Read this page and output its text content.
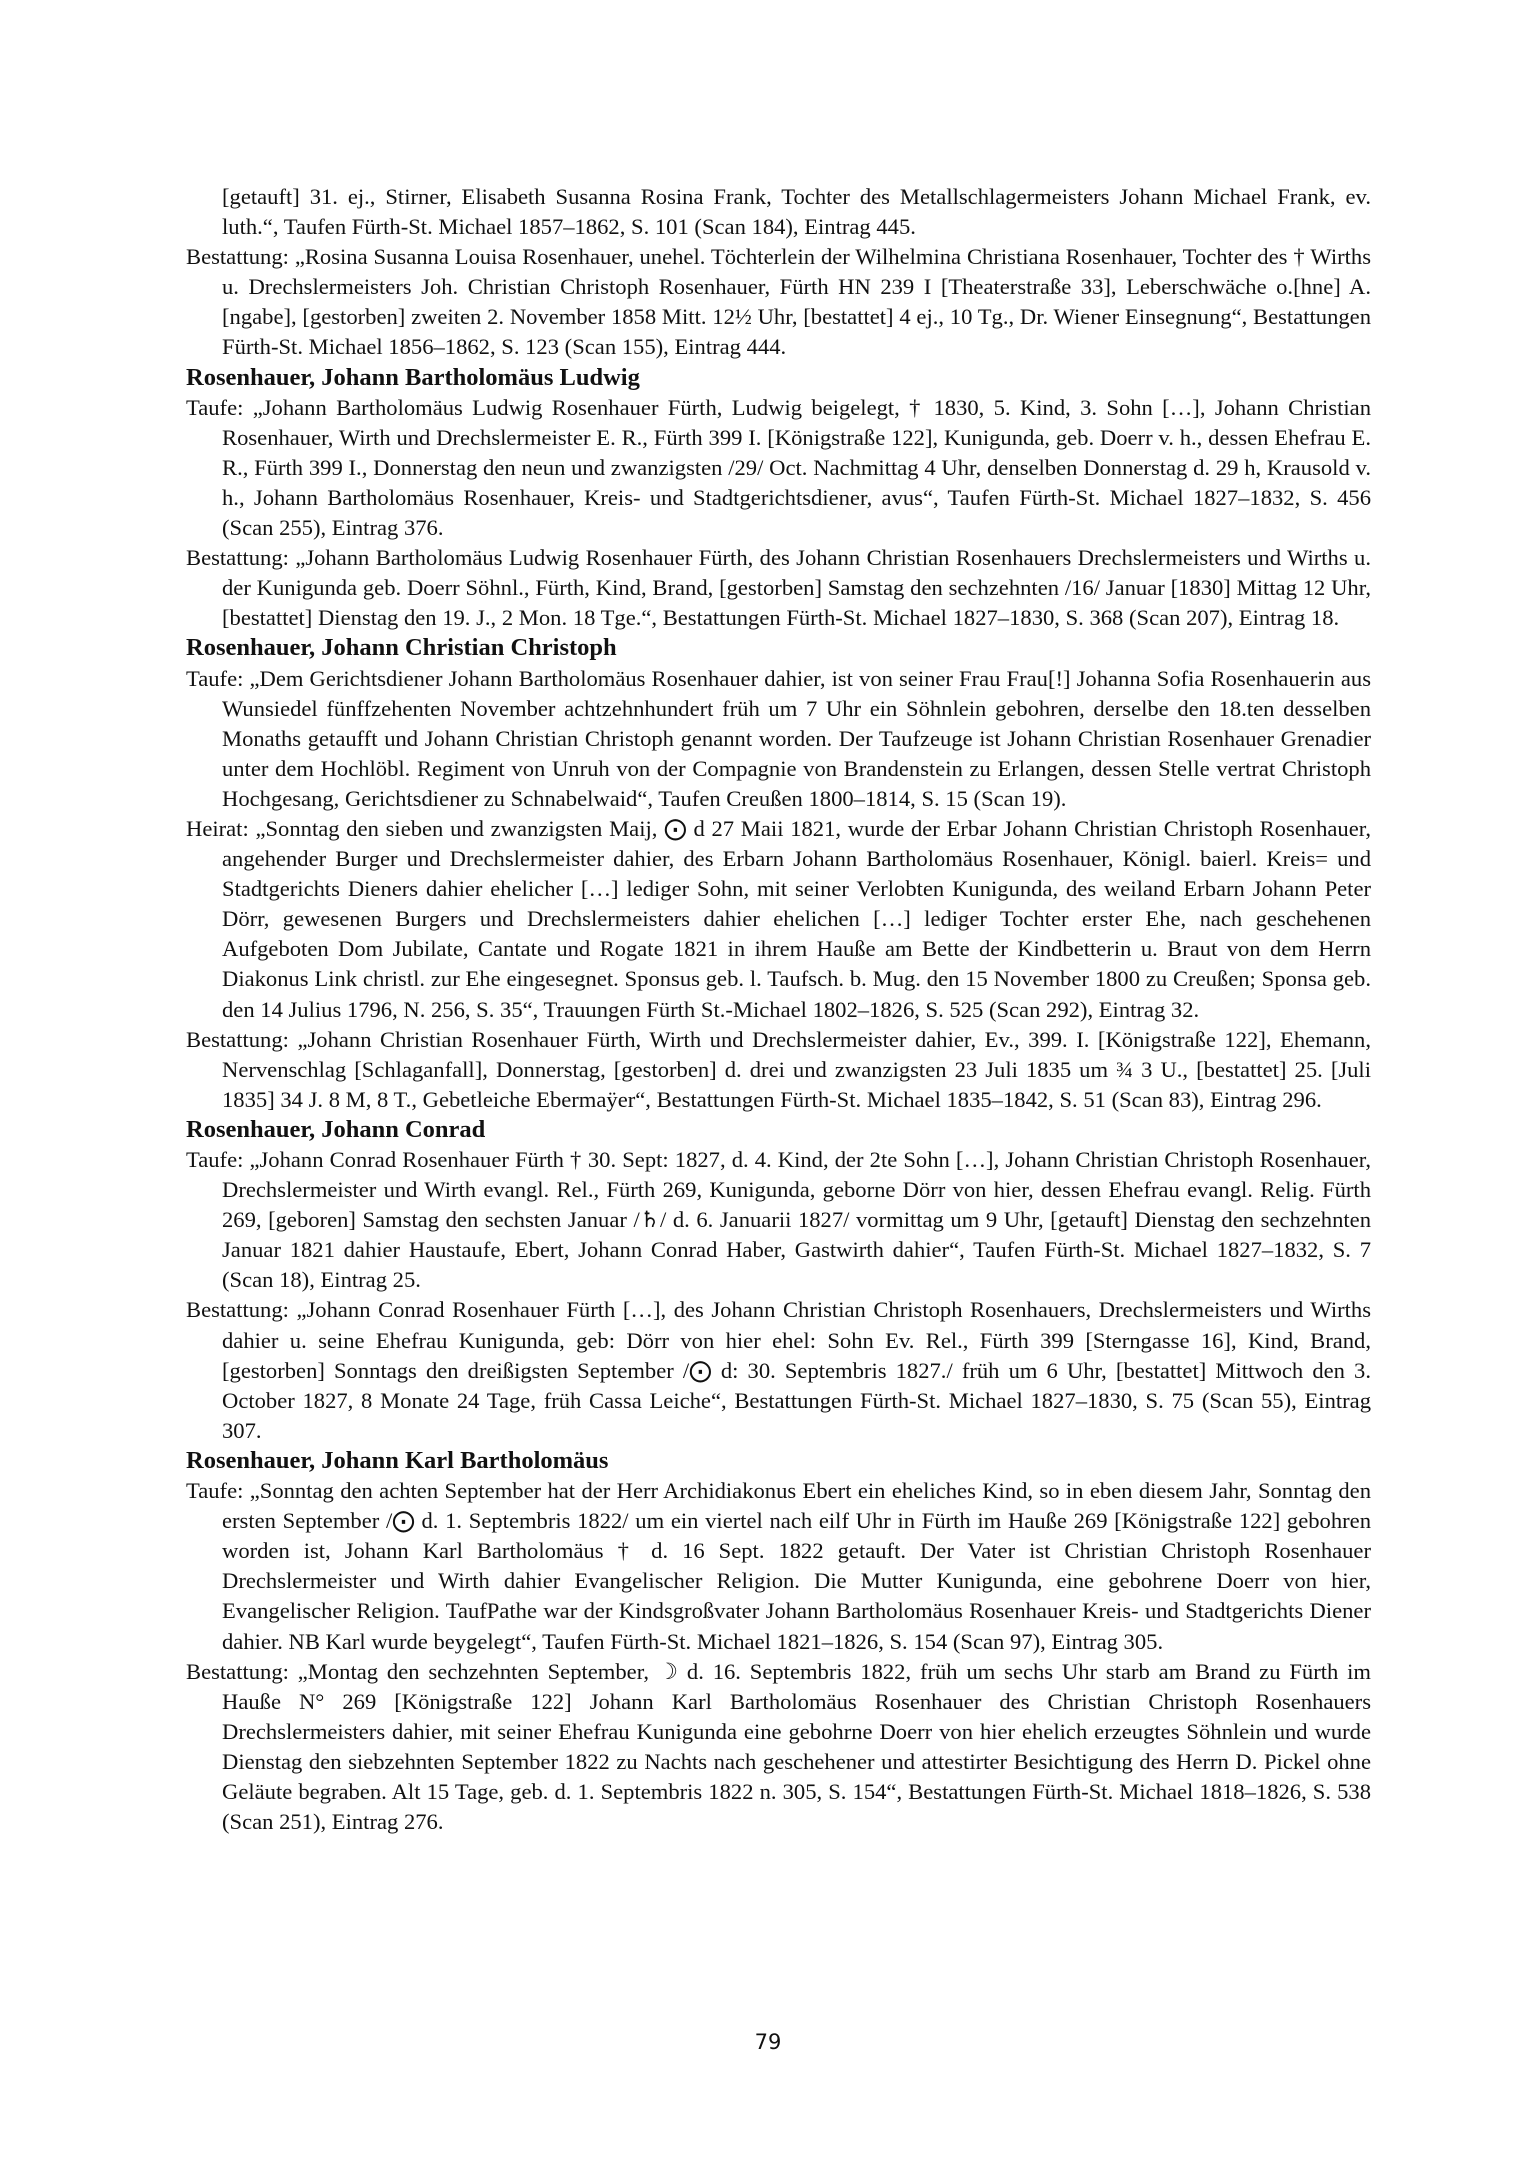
[getauft] 31. ej., Stirner, Elisabeth Susanna Rosina Frank, Tochter des Metallschlagermeisters Johann Michael Frank, ev. luth.“, Taufen Fürth-St. Michael 1857–1862, S. 101 (Scan 184), Eintrag 445.

Bestattung: „Rosina Susanna Louisa Rosenhauer, unehel. Töchterlein der Wilhelmina Christiana Rosenhauer, Tochter des † Wirths u. Drechslermeisters Joh. Christian Christoph Rosenhauer, Fürth HN 239 I [Theaterstraße 33], Leberschwäche o.[hne] A.[ngabe], [gestorben] zweiten 2. November 1858 Mitt. 12½ Uhr, [bestattet] 4 ej., 10 Tg., Dr. Wiener Einsegnung“, Bestattungen Fürth-St. Michael 1856–1862, S. 123 (Scan 155), Eintrag 444.

Rosenhauer, Johann Bartholomäus Ludwig

Taufe: „Johann Bartholomäus Ludwig Rosenhauer Fürth, Ludwig beigelegt, † 1830, 5. Kind, 3. Sohn […], Johann Christian Rosenhauer, Wirth und Drechslermeister E. R., Fürth 399 I. [Königstraße 122], Kunigunda, geb. Doerr v. h., dessen Ehefrau E. R., Fürth 399 I., Donnerstag den neun und zwanzigsten /29/ Oct. Nachmittag 4 Uhr, denselben Donnerstag d. 29 h, Krausold v. h., Johann Bartholomäus Rosenhauer, Kreis- und Stadtgerichtsdiener, avus“, Taufen Fürth-St. Michael 1827–1832, S. 456 (Scan 255), Eintrag 376.

Bestattung: „Johann Bartholomäus Ludwig Rosenhauer Fürth, des Johann Christian Rosenhauers Drechslermeisters und Wirths u. der Kunigunda geb. Doerr Söhnl., Fürth, Kind, Brand, [gestorben] Samstag den sechzehnten /16/ Januar [1830] Mittag 12 Uhr, [bestattet] Dienstag den 19. J., 2 Mon. 18 Tge.“, Bestattungen Fürth-St. Michael 1827–1830, S. 368 (Scan 207), Eintrag 18.

Rosenhauer, Johann Christian Christoph

Taufe: „Dem Gerichtsdiener Johann Bartholomäus Rosenhauer dahier, ist von seiner Frau Frau[!] Johanna Sofia Rosenhauerin aus Wunsiedel fünffzehenten November achtzehnhundert früh um 7 Uhr ein Söhnlein gebohren, derselbe den 18.ten desselben Monaths getaufft und Johann Christian Christoph genannt worden. Der Taufzeuge ist Johann Christian Rosenhauer Grenadier unter dem Hochlöbl. Regiment von Unruh von der Compagnie von Brandenstein zu Erlangen, dessen Stelle vertrat Christoph Hochgesang, Gerichtsdiener zu Schnabelwaid“, Taufen Creußen 1800–1814, S. 15 (Scan 19).

Heirat: „Sonntag den sieben und zwanzigsten Maij, ⨀ d 27 Maii 1821, wurde der Erbar Johann Christian Christoph Rosenhauer, angehender Burger und Drechslermeister dahier, des Erbarn Johann Bartholomäus Rosenhauer, Königl. baierl. Kreis= und Stadtgerichts Dieners dahier ehelicher […] lediger Sohn, mit seiner Verlobten Kunigunda, des weiland Erbarn Johann Peter Dörr, gewesenen Burgers und Drechslermeisters dahier ehelichen […] lediger Tochter erster Ehe, nach geschehenen Aufgeboten Dom Jubilate, Cantate und Rogate 1821 in ihrem Hauße am Bette der Kindbetterin u. Braut von dem Herrn Diakonus Link christl. zur Ehe eingesegnet. Sponsus geb. l. Taufsch. b. Mug. den 15 November 1800 zu Creußen; Sponsa geb. den 14 Julius 1796, N. 256, S. 35“, Trauungen Fürth St.-Michael 1802–1826, S. 525 (Scan 292), Eintrag 32.

Bestattung: „Johann Christian Rosenhauer Fürth, Wirth und Drechslermeister dahier, Ev., 399. I. [Königstraße 122], Ehemann, Nervenschlag [Schlaganfall], Donnerstag, [gestorben] d. drei und zwanzigsten 23 Juli 1835 um ¾ 3 U., [bestattet] 25. [Juli 1835] 34 J. 8 M, 8 T., Gebetleiche Ebermaÿer“, Bestattungen Fürth-St. Michael 1835–1842, S. 51 (Scan 83), Eintrag 296.

Rosenhauer, Johann Conrad

Taufe: „Johann Conrad Rosenhauer Fürth † 30. Sept: 1827, d. 4. Kind, der 2te Sohn […], Johann Christian Christoph Rosenhauer, Drechslermeister und Wirth evangl. Rel., Fürth 269, Kunigunda, geborne Dörr von hier, dessen Ehefrau evangl. Relig. Fürth 269, [geboren] Samstag den sechsten Januar /♄/ d. 6. Januarii 1827/ vormittag um 9 Uhr, [getauft] Dienstag den sechzehnten Januar 1821 dahier Haustaufe, Ebert, Johann Conrad Haber, Gastwirth dahier“, Taufen Fürth-St. Michael 1827–1832, S. 7 (Scan 18), Eintrag 25.

Bestattung: „Johann Conrad Rosenhauer Fürth […], des Johann Christian Christoph Rosenhauers, Drechslermeisters und Wirths dahier u. seine Ehefrau Kunigunda, geb: Dörr von hier ehel: Sohn Ev. Rel., Fürth 399 [Sterngasse 16], Kind, Brand, [gestorben] Sonntags den dreißigsten September /⨀ d: 30. Septembris 1827./ früh um 6 Uhr, [bestattet] Mittwoch den 3. October 1827, 8 Monate 24 Tage, früh Cassa Leiche“, Bestattungen Fürth-St. Michael 1827–1830, S. 75 (Scan 55), Eintrag 307.

Rosenhauer, Johann Karl Bartholomäus

Taufe: „Sonntag den achten September hat der Herr Archidiakonus Ebert ein eheliches Kind, so in eben diesem Jahr, Sonntag den ersten September /⨀ d. 1. Septembris 1822/ um ein viertel nach eilf Uhr in Fürth im Hauße 269 [Königstraße 122] gebohren worden ist, Johann Karl Bartholomäus † d. 16 Sept. 1822 getauft. Der Vater ist Christian Christoph Rosenhauer Drechslermeister und Wirth dahier Evangelischer Religion. Die Mutter Kunigunda, eine gebohrene Doerr von hier, Evangelischer Religion. TaufPathe war der Kindsgroßvater Johann Bartholomäus Rosenhauer Kreis- und Stadtgerichts Diener dahier. NB Karl wurde beygelegt“, Taufen Fürth-St. Michael 1821–1826, S. 154 (Scan 97), Eintrag 305.

Bestattung: „Montag den sechzehnten September, ☽ d. 16. Septembris 1822, früh um sechs Uhr starb am Brand zu Fürth im Hauße N° 269 [Königstraße 122] Johann Karl Bartholomäus Rosenhauer des Christian Christoph Rosenhauers Drechslermeisters dahier, mit seiner Ehefrau Kunigunda eine gebohrne Doerr von hier ehelich erzeugtes Söhnlein und wurde Dienstag den siebzehnten September 1822 zu Nachts nach geschehener und attestirter Besichtigung des Herrn D. Pickel ohne Geläute begraben. Alt 15 Tage, geb. d. 1. Septembris 1822 n. 305, S. 154“, Bestattungen Fürth-St. Michael 1818–1826, S. 538 (Scan 251), Eintrag 276.

79
